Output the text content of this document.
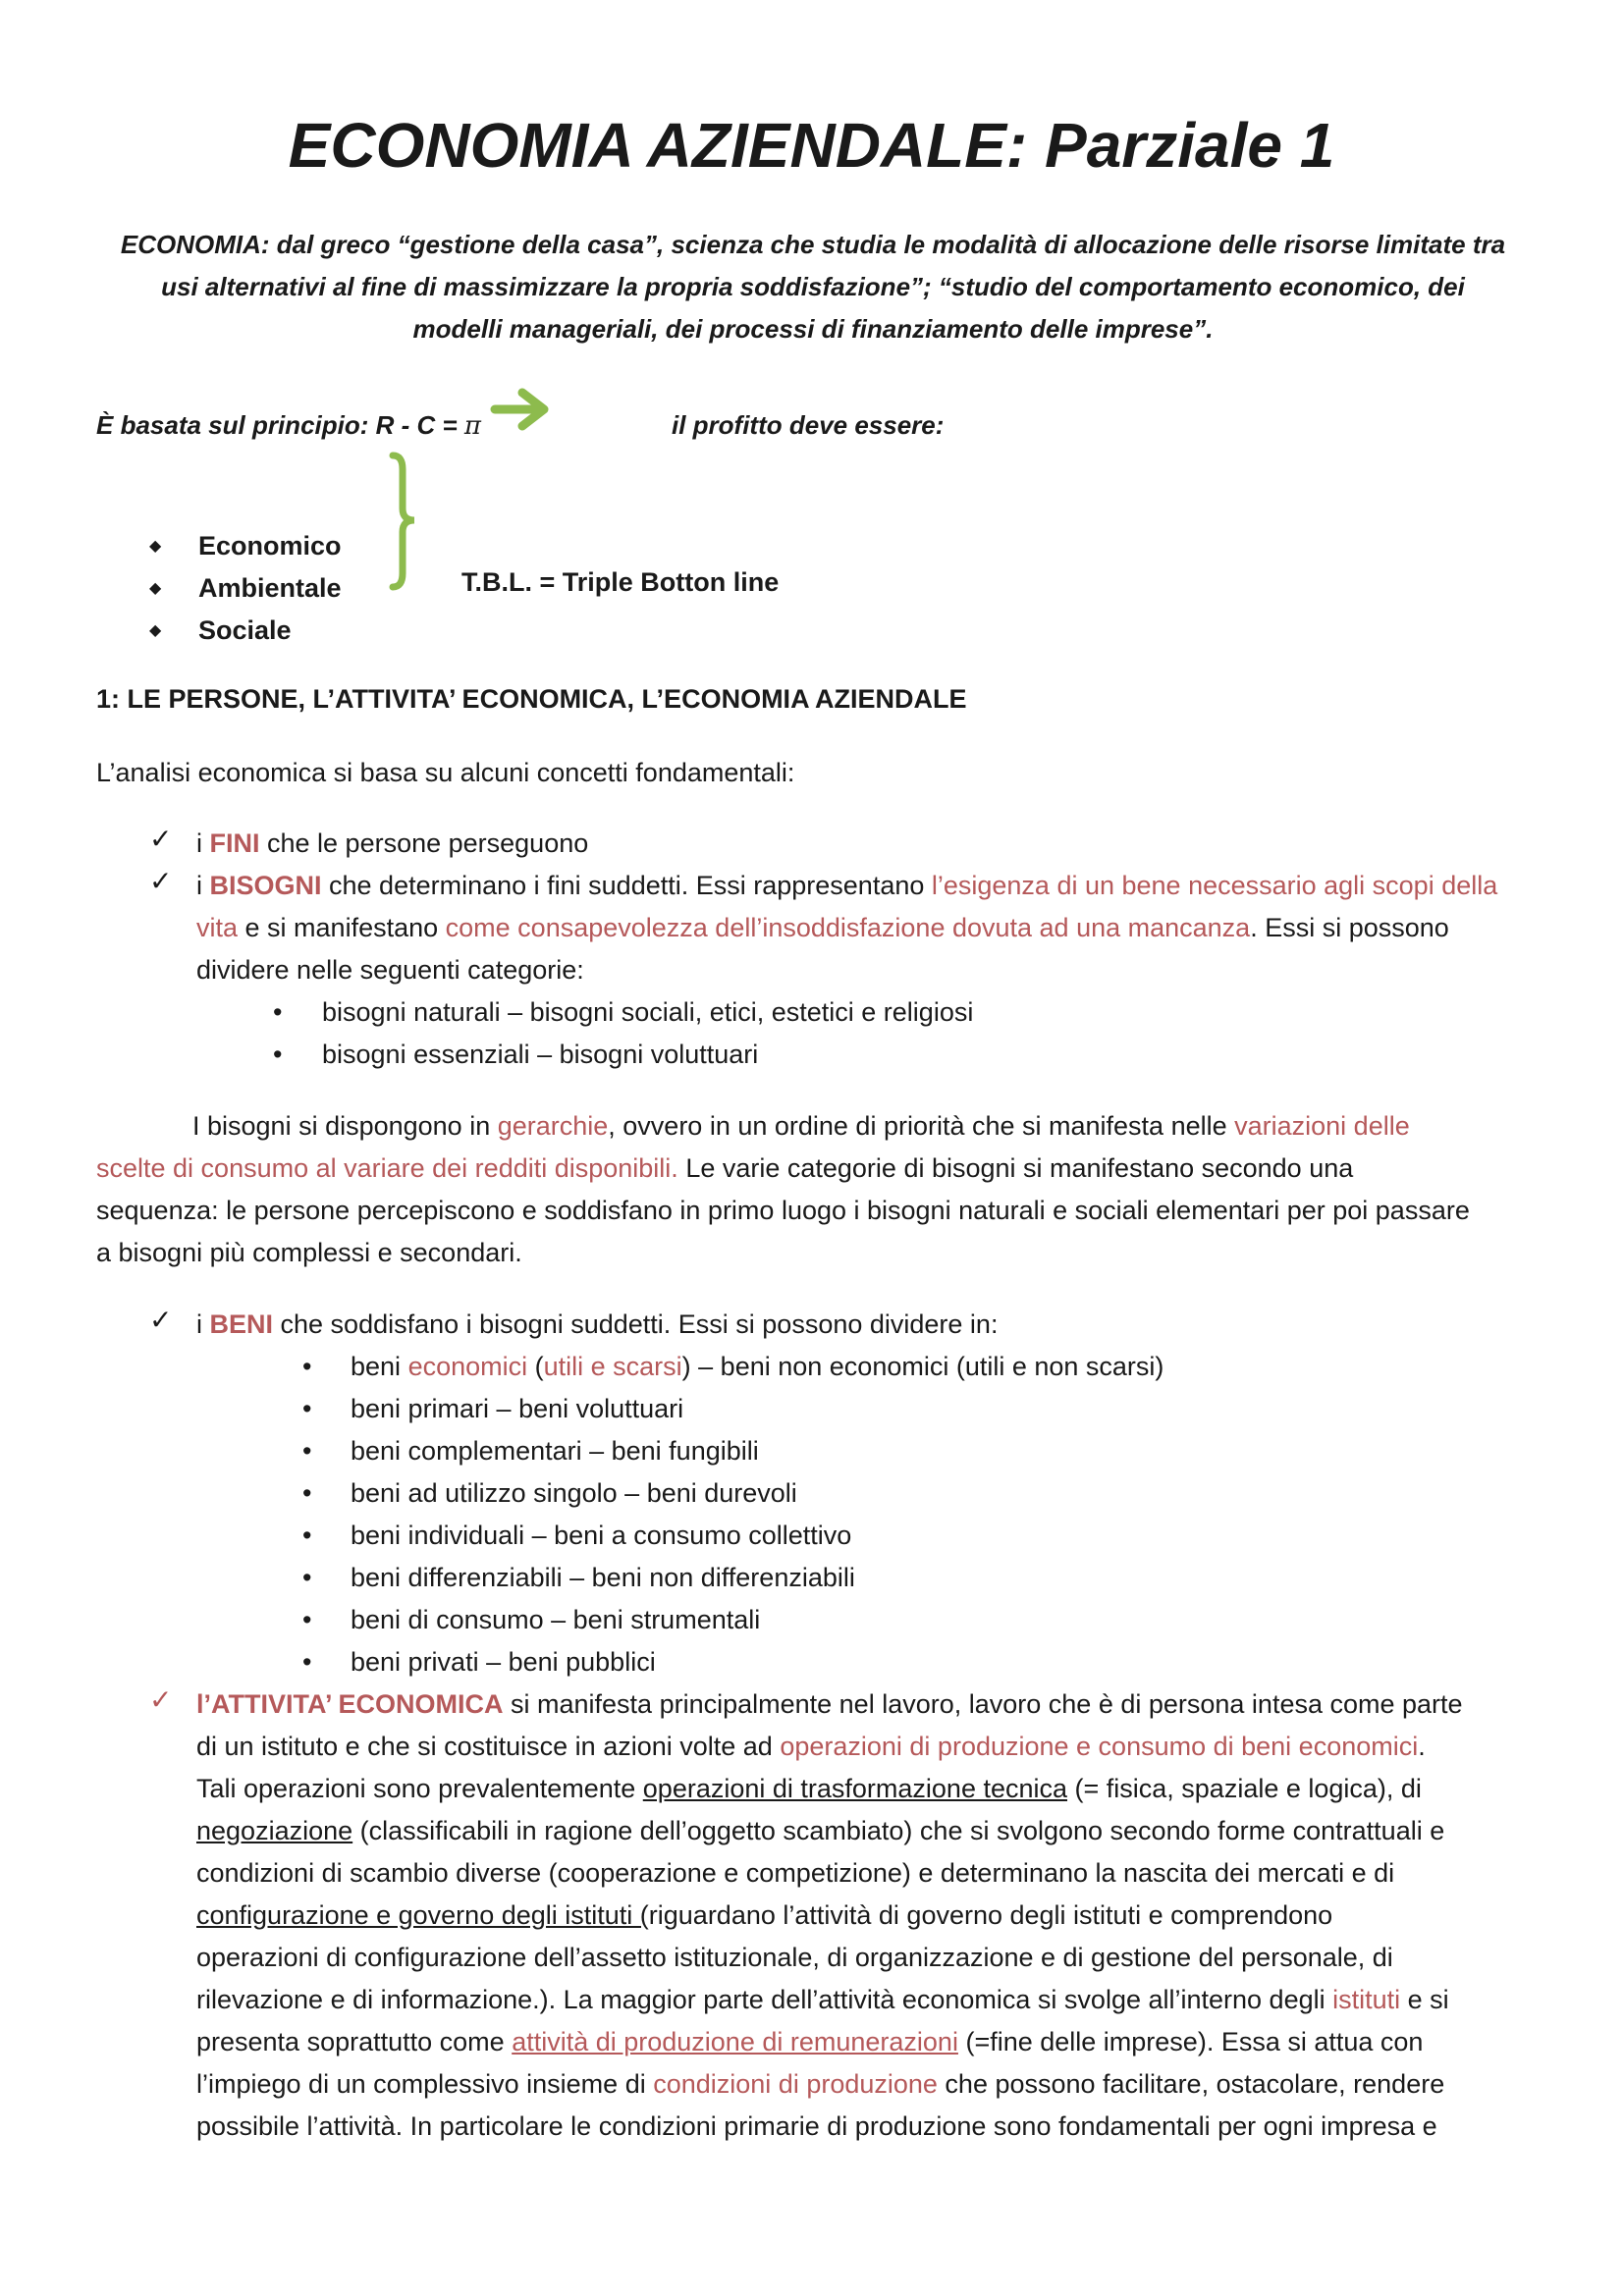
ECONOMIA AZIENDALE: Parziale 1
ECONOMIA: dal greco “gestione della casa”, scienza che studia le modalità di allocazione delle risorse limitate tra
usi alternativi al fine di massimizzare la propria soddisfazione”; “studio del comportamento economico, dei
modelli manageriali, dei processi di finanziamento delle imprese”.
È basata sul principio: R - C = π	il profitto deve essere:
◆ Economico
◆ Ambientale
◆ Sociale
T.B.L. = Triple Botton line
1: LE PERSONE, L’ATTIVITA’ ECONOMICA, L’ECONOMIA AZIENDALE
L’analisi economica si basa su alcuni concetti fondamentali:
✓ i FINI che le persone perseguono
✓ i BISOGNI che determinano i fini suddetti. Essi rappresentano l’esigenza di un bene necessario agli scopi della vita e si manifestano come consapevolezza dell’insoddisfazione dovuta ad una mancanza. Essi si possono dividere nelle seguenti categorie:
• bisogni naturali – bisogni sociali, etici, estetici e religiosi
• bisogni essenziali – bisogni voluttuari
I bisogni si dispongono in gerarchie, ovvero in un ordine di priorità che si manifesta nelle variazioni delle
scelte di consumo al variare dei redditi disponibili. Le varie categorie di bisogni si manifestano secondo una
sequenza: le persone percepiscono e soddisfano in primo luogo i bisogni naturali e sociali elementari per poi passare
a bisogni più complessi e secondari.
✓ i BENI che soddisfano i bisogni suddetti. Essi si possono dividere in:
• beni economici (utili e scarsi) – beni non economici (utili e non scarsi)
• beni primari – beni voluttuari
• beni complementari – beni fungibili
• beni ad utilizzo singolo – beni durevoli
• beni individuali – beni a consumo collettivo
• beni differenziabili – beni non differenziabili
• beni di consumo – beni strumentali
• beni privati – beni pubblici
✓ l’ATTIVITA’ ECONOMICA si manifesta principalmente nel lavoro, lavoro che è di persona intesa come parte
di un istituto e che si costituisce in azioni volte ad operazioni di produzione e consumo di beni economici.
Tali operazioni sono prevalentemente operazioni di trasformazione tecnica (= fisica, spaziale e logica), di
negoziazione (classificabili in ragione dell’oggetto scambiato) che si svolgono secondo forme contrattuali e
condizioni di scambio diverse (cooperazione e competizione) e determinano la nascita dei mercati e di
configurazione e governo degli istituti (riguardano l’attività di governo degli istituti e comprendono
operazioni di configurazione dell’assetto istituzionale, di organizzazione e di gestione del personale, di
rilevazione e di informazione.). La maggior parte dell’attività economica si svolge all’interno degli istituti e si
presenta soprattutto come attività di produzione di remunerazioni (=fine delle imprese). Essa si attua con
l’impiego di un complessivo insieme di condizioni di produzione che possono facilitare, ostacolare, rendere
possibile l’attività. In particolare le condizioni primarie di produzione sono fondamentali per ogni impresa e
